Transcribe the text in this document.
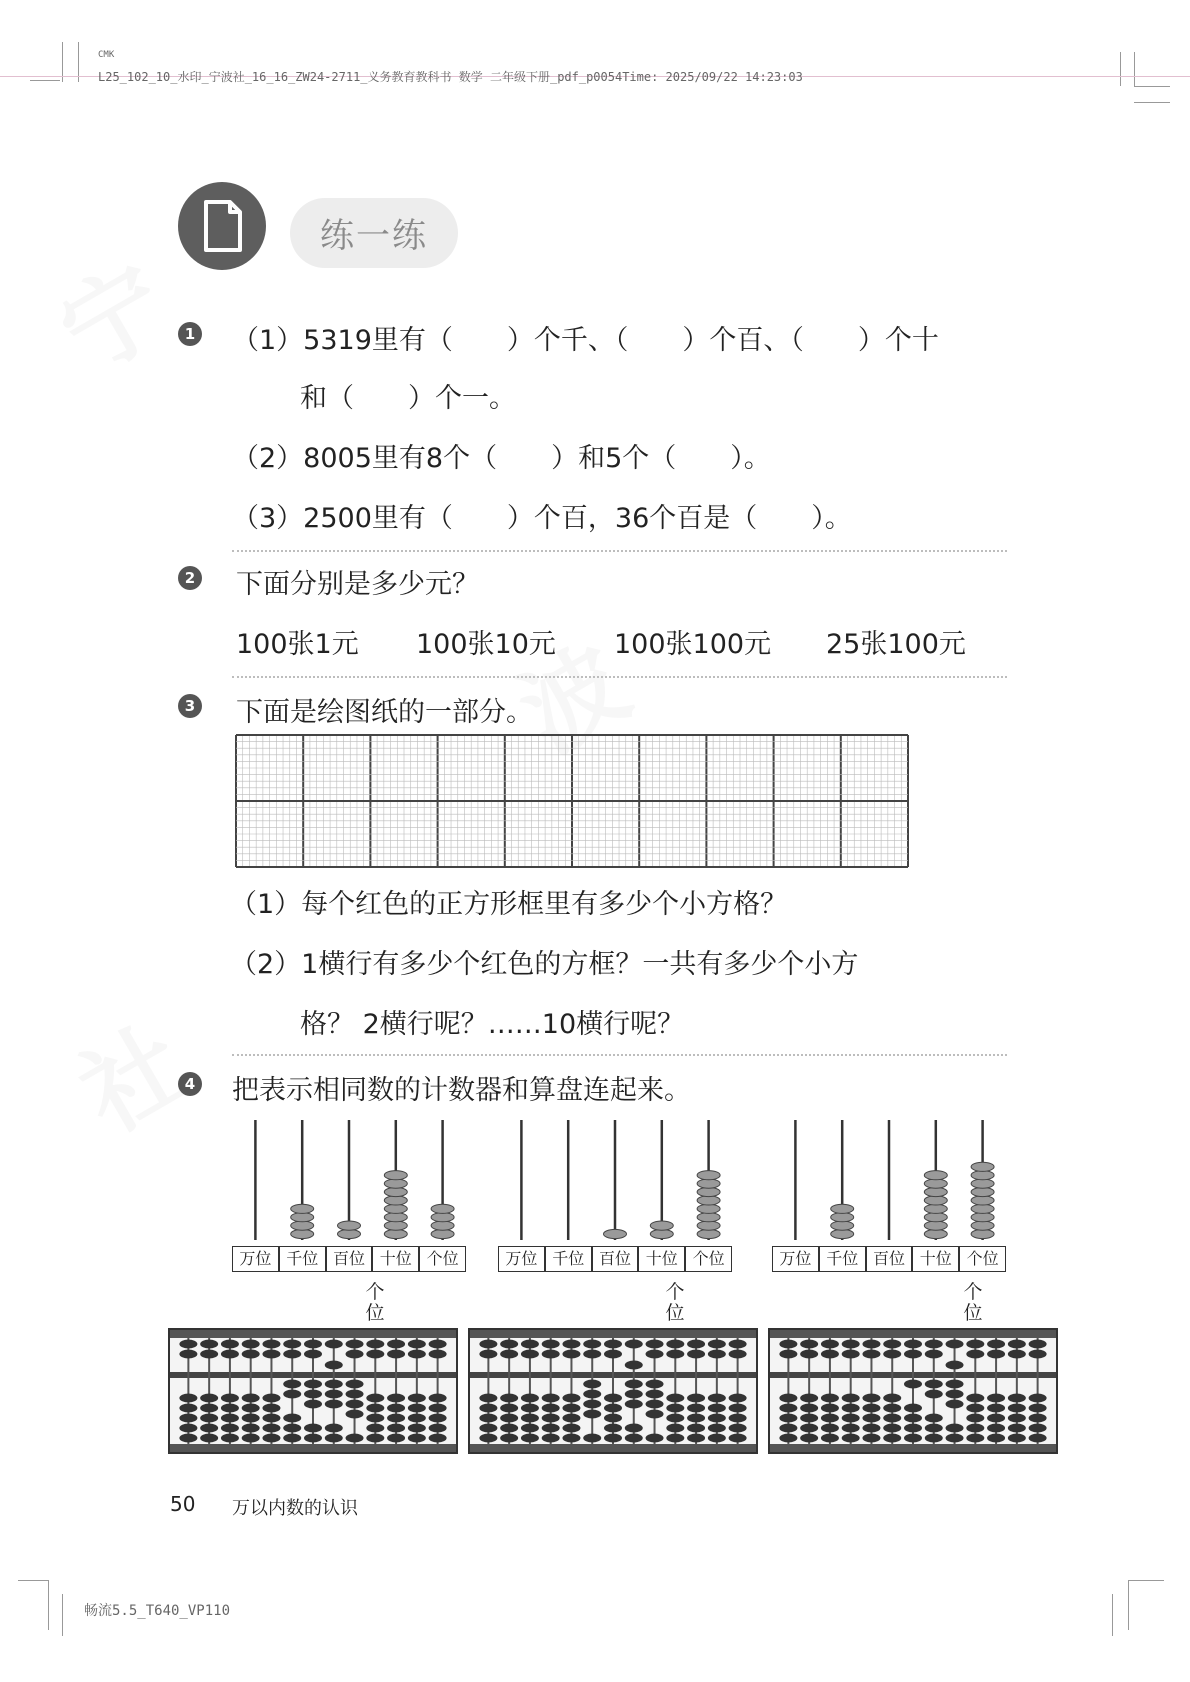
CMK
L25_102_10_水印_宁波社_16_16_ZW24-2711_义务教育教科书 数学 二年级下册_pdf_p0054Time: 2025/09/22 14:23:03
练一练
1 （1）5319里有（　　）个千、（　　）个百、（　　）个十
和（　　）个一。
（2）8005里有8个（　　）和5个（　　）。
（3）2500里有（　　）个百，36个百是（　　）。
2 下面分别是多少元？
100张1元 100张10元 100张100元 25张100元
3 下面是绘图纸的一部分。
（1）每个红色的正方形框里有多少个小方格？
（2）1横行有多少个红色的方框？一共有多少个小方
格？ 2横行呢？……10横行呢？
4 把表示相同数的计数器和算盘连起来。
万位 千位 百位 十位 个位	万位 千位 百位 十位 个位	万位 千位 百位 十位 个位
个位
个位
个位
50 万以内数的认识
畅流5.5_T640_VP110
